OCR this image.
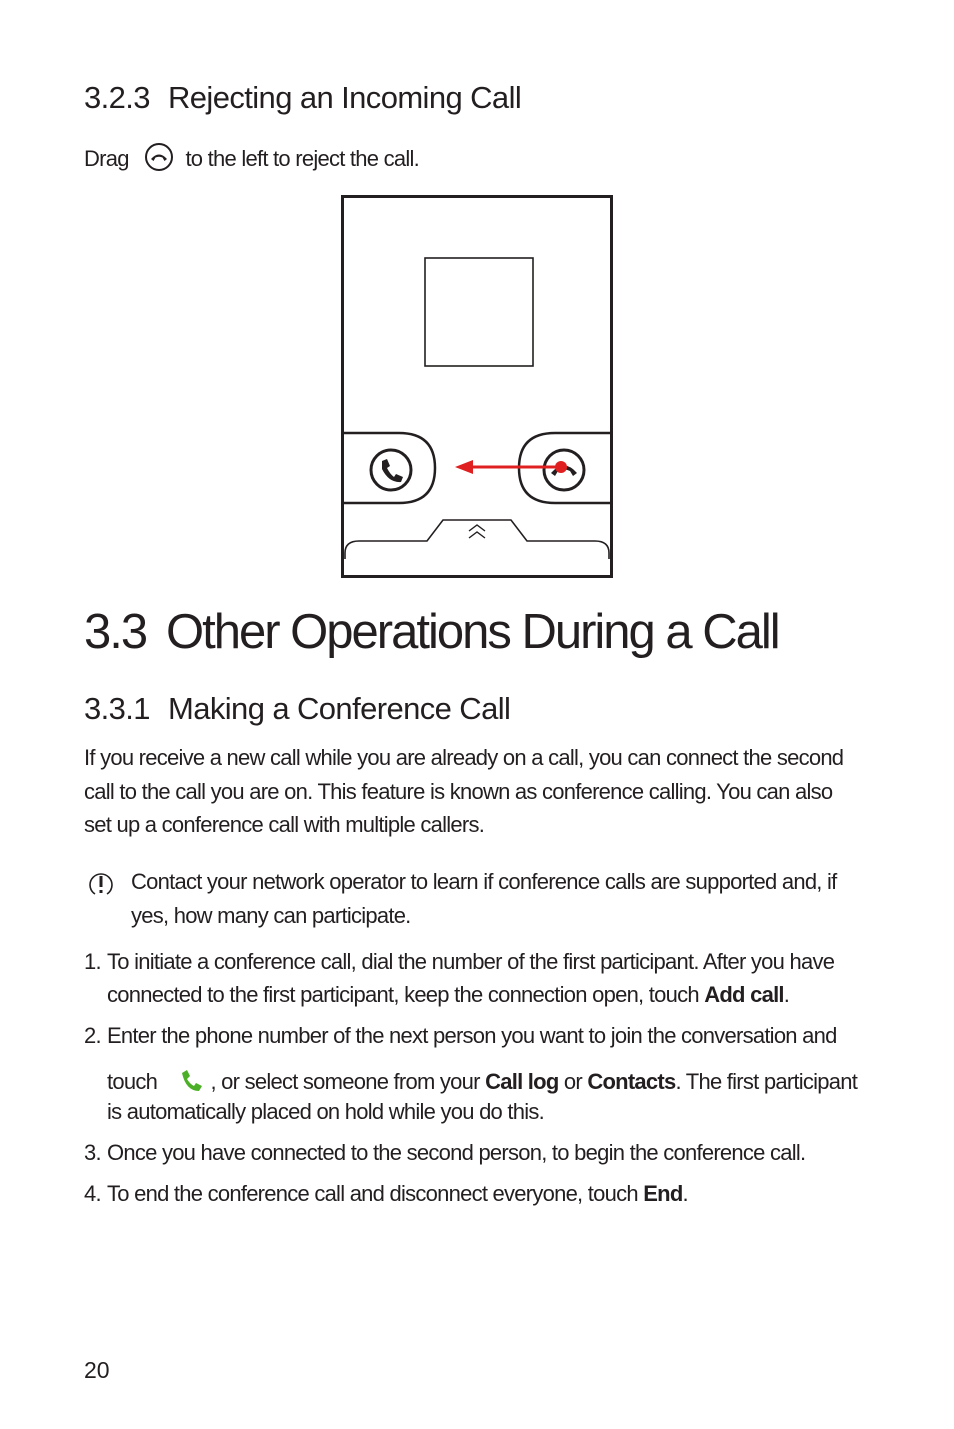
3.2.3 Rejecting an Incoming Call
Drag	to the left to reject the call.
3.3 Other Operations During a Call
3.3.1 Making a Conference Call
If you receive a new call while you are already on a call, you can connect the second
call to the call you are on. This feature is known as conference calling. You can also
set up a conference call with multiple callers.
Contact your network operator to learn if conference calls are supported and, if
yes, how many can participate.
1. To initiate a conference call, dial the number of the first participant. After you have
connected to the first participant, keep the connection open, touch Add call.
2. Enter the phone number of the next person you want to join the conversation and
touch , or select someone from your Call log or Contacts. The first participant
is automatically placed on hold while you do this.
3. Once you have connected to the second person, to begin the conference call.
4. To end the conference call and disconnect everyone, touch End.
20
